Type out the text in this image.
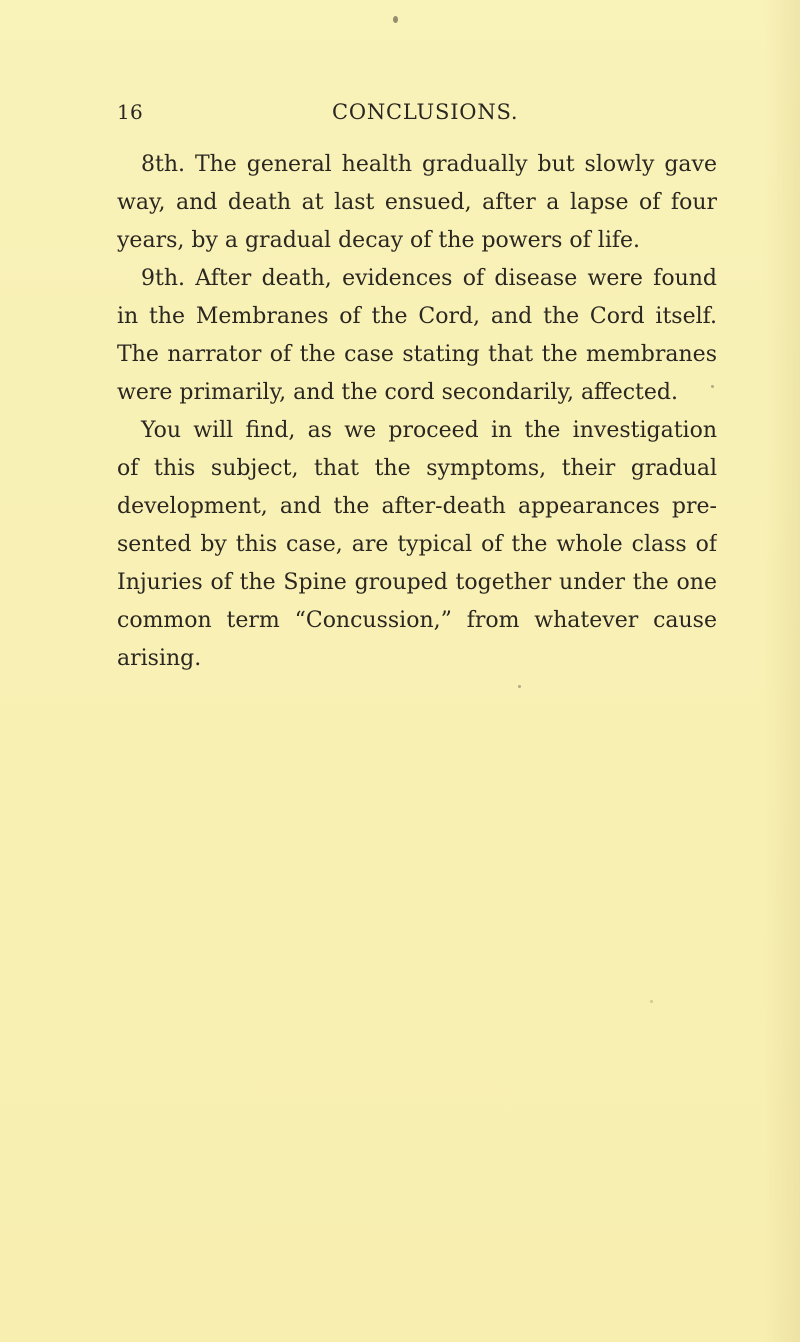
16	CONCLUSIONS.
8th. The general health gradually but slowly gave
way, and death at last ensued, after a lapse of four
years, by a gradual decay of the powers of life.
9th. After death, evidences of disease were found
in the Membranes of the Cord, and the Cord itself.
The narrator of the case stating that the membranes
were primarily, and the cord secondarily, affected.
You will find, as we proceed in the investigation
of this subject, that the symptoms, their gradual
development, and the after-death appearances pre-
sented by this case, are typical of the whole class of
Injuries of the Spine grouped together under the one
common term “Concussion,” from whatever cause
arising.
